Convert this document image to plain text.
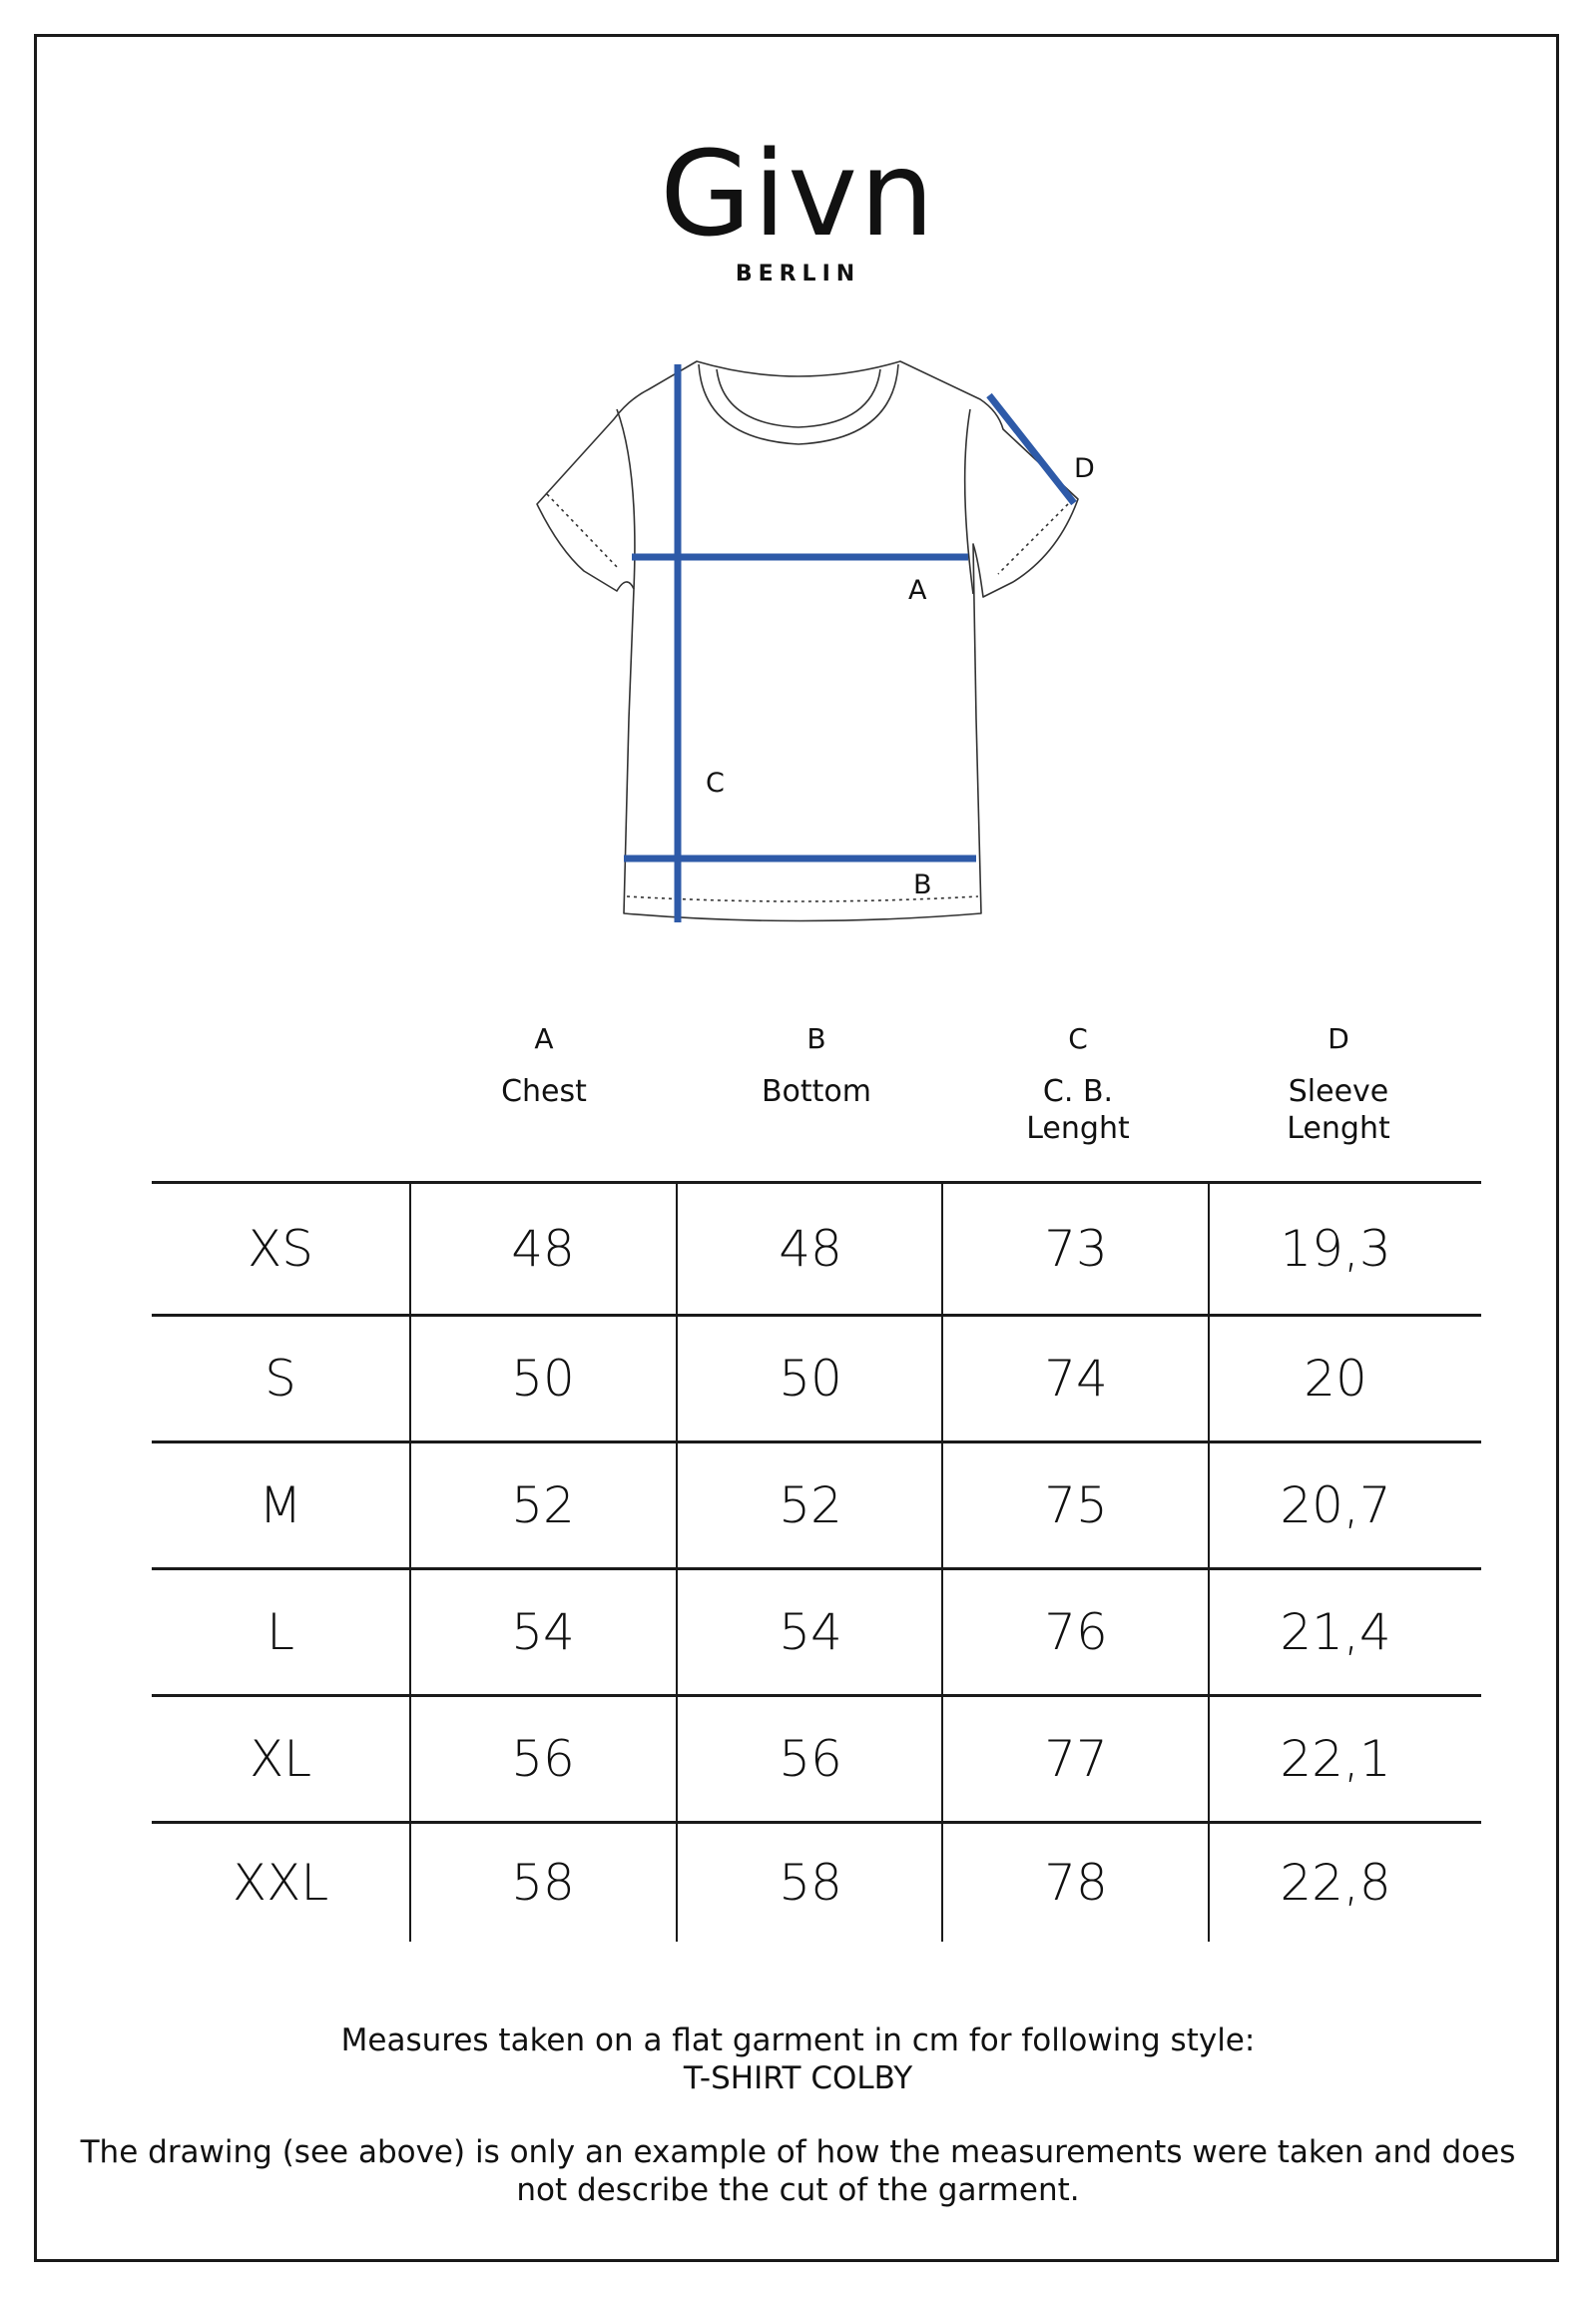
Givn
BERLIN
A
B
C
D
A	B	C	D
Chest	Bottom	C. B.
Lenght
Sleeve
Lenght
XS	48	48	73	19,3
S	50	50	74	20
M	52	52	75	20,7
L	54	54	76	21,4
XL	56	56	77	22,1
XXL	58	58	78	22,8
Measures taken on a flat garment in cm for following style:
T-SHIRT COLBY
The drawing (see above) is only an example of how the measurements were taken and does
not describe the cut of the garment.
